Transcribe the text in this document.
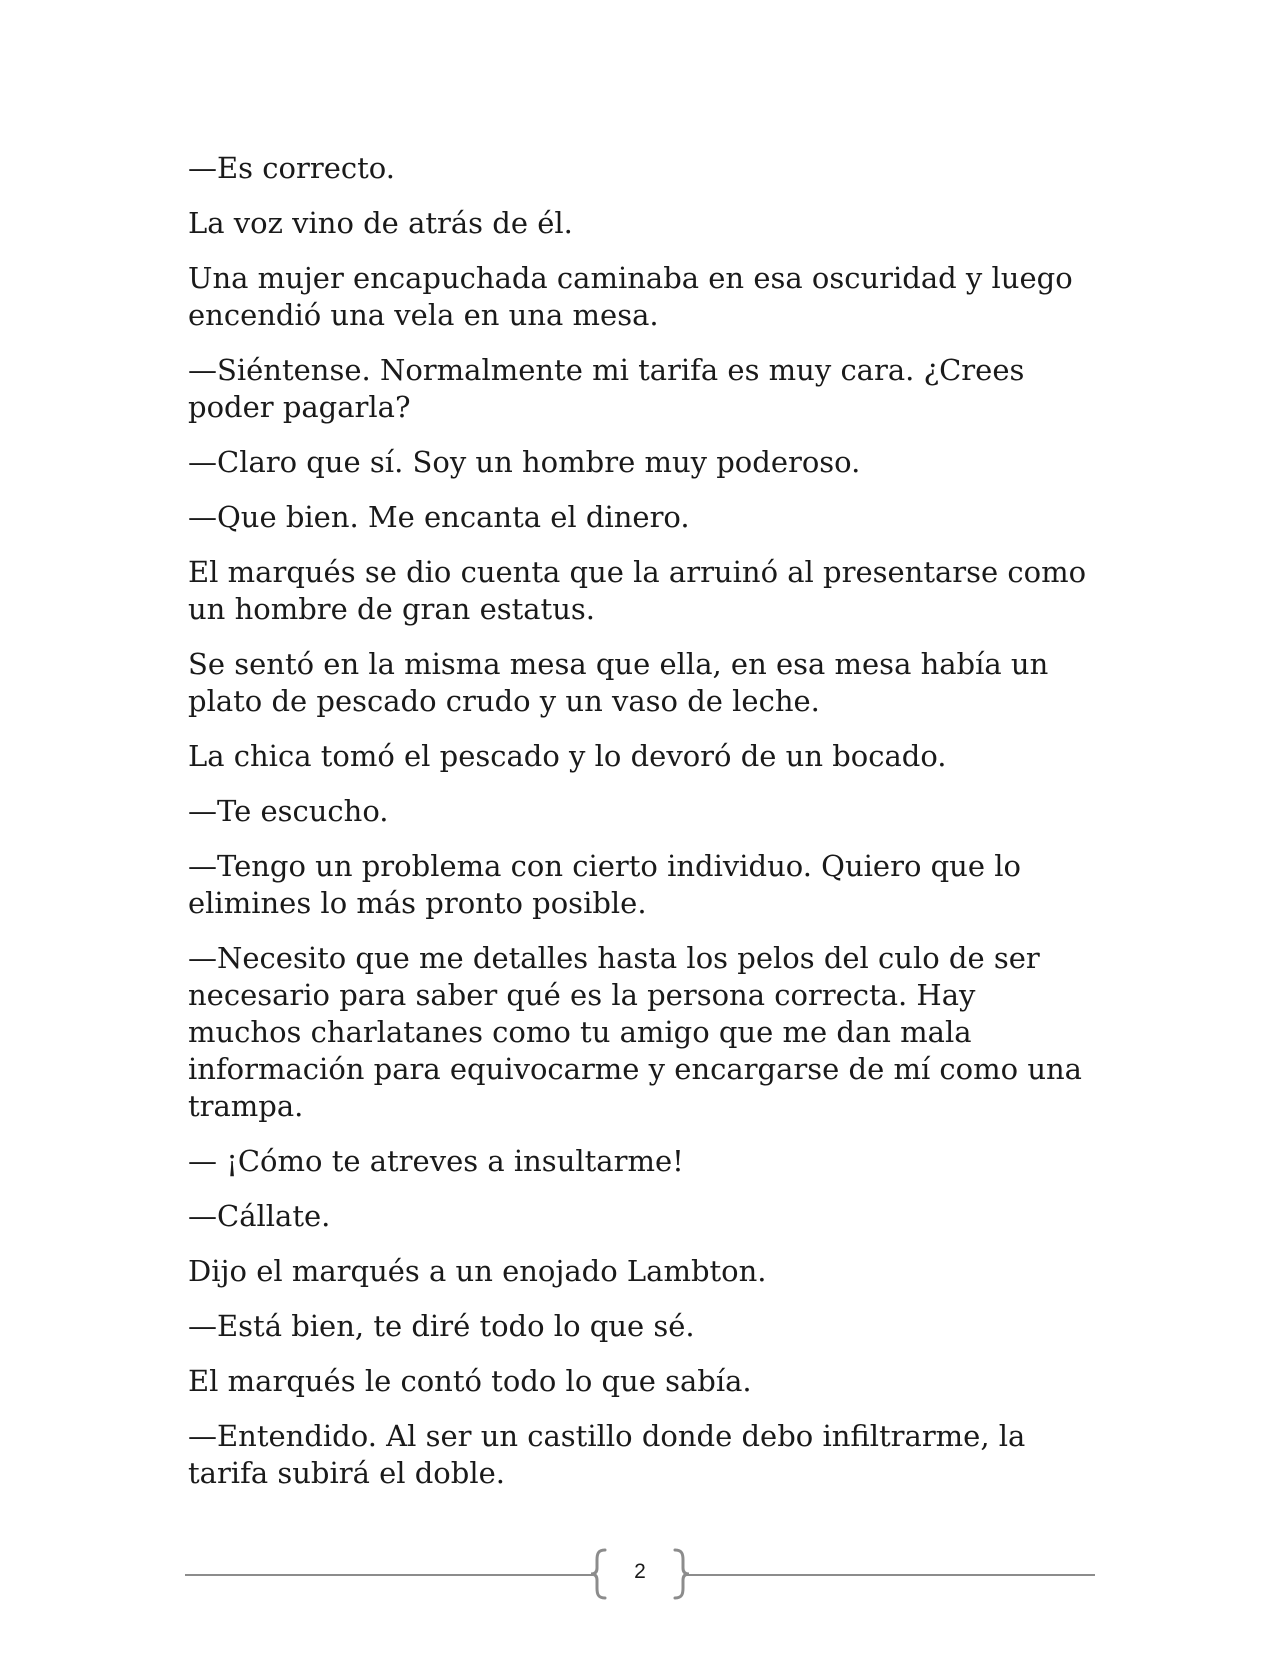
—Es correcto.

La voz vino de atrás de él.

Una mujer encapuchada caminaba en esa oscuridad y luego encendió una vela en una mesa.

—Siéntense. Normalmente mi tarifa es muy cara. ¿Crees poder pagarla?

—Claro que sí. Soy un hombre muy poderoso.

—Que bien. Me encanta el dinero.

El marqués se dio cuenta que la arruinó al presentarse como un hombre de gran estatus.

Se sentó en la misma mesa que ella, en esa mesa había un plato de pescado crudo y un vaso de leche.

La chica tomó el pescado y lo devoró de un bocado.

—Te escucho.

—Tengo un problema con cierto individuo. Quiero que lo elimines lo más pronto posible.

—Necesito que me detalles hasta los pelos del culo de ser necesario para saber qué es la persona correcta. Hay muchos charlatanes como tu amigo que me dan mala información para equivocarme y encargarse de mí como una trampa.

— ¡Cómo te atreves a insultarme!

—Cállate.

Dijo el marqués a un enojado Lambton.

—Está bien, te diré todo lo que sé.

El marqués le contó todo lo que sabía.

—Entendido. Al ser un castillo donde debo infiltrarme, la tarifa subirá el doble.

2
